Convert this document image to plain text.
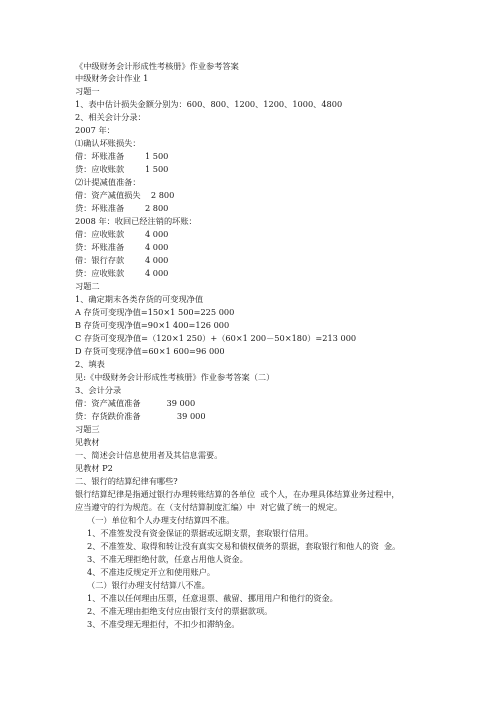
《中级财务会计形成性考核册》作业参考答案
中级财务会计作业 1
习题一
1、表中估计损失金额分别为：600、800、1200、1200、1000、4800
2、相关会计分录：
2007 年：
⑴确认坏账损失：
借：坏账准备        1 500
贷：应收账款        1 500
⑵计提减值准备：
借：资产减值损失    2 800
贷：坏账准备        2 800
2008 年：收回已经注销的坏账：
借：应收账款        4 000
贷：坏账准备        4 000
借：银行存款        4 000
贷：应收账款        4 000
习题二
1、确定期末各类存货的可变现净值
A 存货可变现净值=150×1 500=225 000
B 存货可变现净值=90×1 400=126 000
C 存货可变现净值=（120×1 250）+（60×1 200－50×180）=213 000
D 存货可变现净值=60×1 600=96 000
2、填表
见:《中级财务会计形成性考核册》作业参考答案（二）
3、会计分录
借：资产减值准备          39 000
贷：存货跌价准备              39 000
习题三
见教材
一、简述会计信息使用者及其信息需要。
见教材 P2
二、银行的结算纪律有哪些?
银行结算纪律是指通过银行办理转账结算的各单位  或个人，在办理具体结算业务过程中，
应当遵守的行为规范。在（支付结算制度汇编）中  对它做了统一的规定。
（一）单位和个人办理支付结算四不准。
1、不准签发没有资金保证的票据或远期支票，套取银行信用。
2、不准签发、取得和转让没有真实交易和债权债务的票据，套取银行和他人的资  金。
3、不准无理拒绝付款，任意占用他人资金。
4、不准违反规定开立和使用账户。
（二）银行办理支付结算八不准。
1、不准以任何理由压票，任意退票、截留、挪用用户和他行的资金。
2、不准无理由拒绝支付应由银行支付的票据款项。
3、不准受理无理拒付，不扣少扣滞纳金。
